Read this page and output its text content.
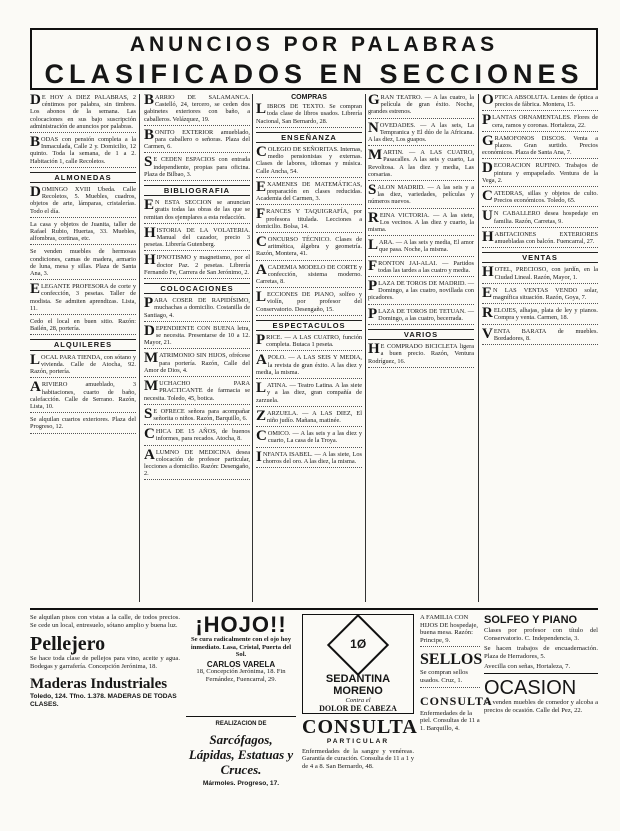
ANUNCIOS POR PALABRAS
CLASIFICADOS EN SECCIONES
D E HOY A DIEZ PALABRAS, 2 céntimos por palabra, sin timbres. Los abonos de la semana. Las colocaciones en sus bajo suscripción administración de anuncios por palabras.
BODAS con pensión completa a la Inmaculada, Calle 2 y. Domicilio, 12 quinto. Toda la semana, de 1 a 2. Habitación 1, calle Recoletos.
ALMONEDAS
DOMINGO XVIII Ubeda. Calle Recoletos, 5. Muebles, cuadros, objetos de arte, lámparas, cristalerías. Todo el día.
La casa y objetos de Juanita, taller de Rafael Rubio, Huertas, 33. Muebles, alfombras, cortinas, etc.
Se venden muebles de hermosas condiciones, camas de madera, armario de luna, mesa y sillas. Plaza de Santa Ana, 3.
ELEGANTE PROFESORA de corte y confección, 3 pesetas. Taller de modista. Se admiten aprendizas. Lista, 11.
Cedo el local en buen sitio. Razón: Bailén, 28, portería.
ALQUILERES
LOCAL PARA TIENDA, con sótano y vivienda. Calle de Atocha, 92. Razón, portería.
ARIVIERO amueblado, 3 habitaciones, cuarto de baño, calefacción. Calle de Serrano. Razón, Lista, 10.
Se alquilan cuartos exteriores. Plaza del Progreso, 12.
BARRIO DE SALAMANCA. Castelló, 24, tercero, se ceden dos gabinetes exteriores con baño, a caballeros. Velázquez, 19.
BONITO EXTERIOR amueblado, para caballero o señoras. Plaza del Carmen, 6.
S E CEDEN ESPACIOS con entrada independiente, propias para oficina. Plaza de Bilbao, 3.
BIBLIOGRAFIA
E N ESTA SECCION se anuncian gratis todas las obras de las que se remitan dos ejemplares a esta redacción.
HISTORIA DE LA VOLATERIA. Manual del cazador, precio 3 pesetas. Librería Gutenberg.
HIPNOTISMO y magnetismo, por el doctor Paz. 2 pesetas. Librería Fernando Fe, Carrera de San Jerónimo, 2.
COLOCACIONES
PARA COSER DE RAPIDÍSIMO, muchachas a domicilio. Costanilla de Santiago, 4.
DEPENDIENTE CON BUENA letra, se necesita. Presentarse de 10 a 12. Mayor, 21.
MATRIMONIO SIN HIJOS, ofrécese para portería. Razón, Calle del Amor de Dios, 4.
MUCHACHO PARA PRACTICANTE de farmacia se necesita. Toledo, 45, botica.
S E OFRECE señora para acompañar señorita o niños. Razón, Barquillo, 6.
CHICA DE 15 AÑOS, de buenos informes, para recados. Atocha, 8.
ALUMNO DE MEDICINA desea colocación de profesor particular, lecciones a domicilio. Razón: Desengaño, 2.
COMPRAS
LIBROS DE TEXTO. Se compran toda clase de libros usados. Librería Nacional, San Bernardo, 28.
ENSEÑANZA
COLEGIO DE SEÑORITAS. Internas, medio pensionistas y externas. Clases de labores, idiomas y música. Calle Ancha, 54.
EXAMENES DE MATEMÁTICAS, preparación en clases reducidas. Academia del Carmen, 3.
FRANCES Y TAQUIGRAFÍA, por profesora titulada. Lecciones a domicilio. Bolsa, 14.
CONCURSO TÉCNICO. Clases de aritmética, álgebra y geometría. Razón, Montera, 41.
ACADEMIA MODELO DE CORTE y confección, sistema moderno. Carretas, 8.
LECCIONES DE PIANO, solfeo y violín, por profesor del Conservatorio. Desengaño, 15.
ESPECTACULOS
PRICE. — A LAS CUATRO, función completa. Butaca 1 peseta.
APOLO. — A LAS SEIS Y MEDIA, la revista de gran éxito. A las diez y media, la misma.
LATINA. — Teatro Latina. A las siete y a las diez, gran compañía de zarzuela.
ZARZUELA. — A LAS DIEZ, El niño judío. Mañana, matinée.
COMICO. — A las seis y a las diez y cuarto, La casa de la Troya.
INFANTA ISABEL. — A las siete, Los chorros del oro. A las diez, la misma.
GRAN TEATRO. — A las cuatro, la película de gran éxito. Noche, grandes estrenos.
NOVEDADES. — A las seis, La Tempranica y El dúo de la Africana. A las diez, Los guapos.
MARTIN. — A LAS CUATRO, Pasacalles. A las seis y cuarto, La Revoltosa. A las diez y media, Las corsarias.
SALON MADRID. — A las seis y a las diez, variedades, películas y números nuevos.
REINA VICTORIA. — A las siete, Los vecinos. A las diez y cuarto, la misma.
LARA. — A las seis y media, El amor que pasa. Noche, la misma.
FRONTON JAI-ALAI. — Partidos todas las tardes a las cuatro y media.
PLAZA DE TOROS DE MADRID. — Domingo, a las cuatro, novillada con picadores.
PLAZA DE TOROS DE TETUAN. — Domingo, a las cuatro, becerrada.
VARIOS
H E COMPRADO BICICLETA ligera a buen precio. Razón, Ventura Rodríguez, 16.
OPTICA ABSOLUTA. Lentes de óptica a precios de fábrica. Montera, 15.
PLANTAS ORNAMENTALES. Flores de cera, ramos y coronas. Hortaleza, 22.
GRAMOFONOS DISCOS. Venta a plazos. Gran surtido. Precios económicos. Plaza de Santa Ana, 7.
DECORACION RUFINO. Trabajos de pintura y empapelado. Ventura de la Vega, 2.
CATEDRAS, sillas y objetos de culto. Precios económicos. Toledo, 65.
U N CABALLERO desea hospedaje en familia. Razón, Carretas, 9.
HABITACIONES EXTERIORES amuebladas con balcón. Fuencarral, 27.
VENTAS
HOTEL, PRECIOSO, con jardín, en la Ciudad Lineal. Razón, Mayor, 1.
E N LAS VENTAS VENDO solar, magnífica situación. Razón, Goya, 7.
RELOJES, alhajas, plata de ley y pianos. Compra y venta. Carmen, 18.
VENTA BARATA de muebles. Bordadores, 8.
Se alquilan pisos con vistas a la calle, de todos precios. Se cede un local, entresuelo, sótano amplio y buena luz.
Pellejero
Se hace toda clase de pellejos para vino, aceite y agua. Bodegas y garrafería. Concepción Jerónima, 18.
Maderas Industriales
Toledo, 124. Tfno. 1.378. MADERAS DE TODAS CLASES.
¡HOJO!!
Se cura radicalmente con el ojo hoy inmediato. Lasa, Cristal, Puerta del Sol.
CARLOS VARELA
18, Concepción Jerónima, 18. Fin Fernández, Fuencarral, 29.
REALIZACION DE
Sarcófagos, Lápidas, Estatuas y Cruces.
Mármoles. Progreso, 17.
1Ø
SEDANTINA MORENO
Contra el
DOLOR DE CABEZA
CONSULTA
PARTICULAR
Enfermedades de la sangre y venéreas. Garantía de curación. Consulta de 11 a 1 y de 4 a 8. San Bernardo, 48.
A FAMILIA CON HIJOS DE hospedaje, buena mesa. Razón: Principe, 9.
SELLOS
Se compran sellos usados. Cruz, 1.
CONSULTA
Enfermedades de la piel. Consultas de 11 a 1. Barquillo, 4.
SOLFEO Y PIANO
Clases por profesor con título del Conservatorio. C. Independencia, 3.
Se hacen trabajos de encuadernación. Plaza de Herradores, 5.
Avecilla con señas, Hortaleza, 7.
OCASION
Se venden muebles de comedor y alcoba a precios de ocasión. Calle del Pez, 22.
